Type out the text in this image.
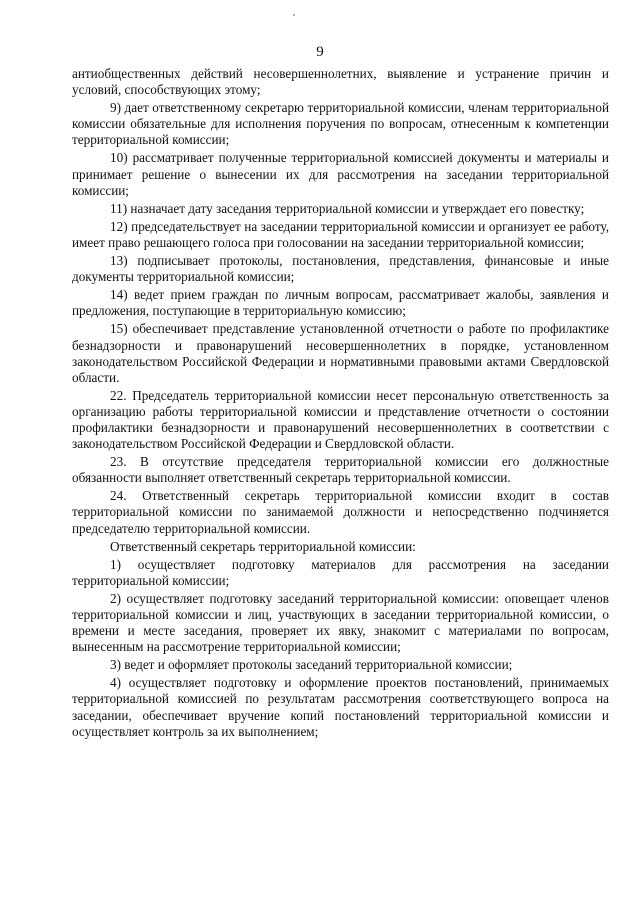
9

антиобщественных действий несовершеннолетних, выявление и устранение причин и условий, способствующих этому;

9) дает ответственному секретарю территориальной комиссии, членам территориальной комиссии обязательные для исполнения поручения по вопросам, отнесенным к компетенции территориальной комиссии;

10) рассматривает полученные территориальной комиссией документы и материалы и принимает решение о вынесении их для рассмотрения на заседании территориальной комиссии;

11) назначает дату заседания территориальной комиссии и утверждает его повестку;

12) председательствует на заседании территориальной комиссии и организует ее работу, имеет право решающего голоса при голосовании на заседании территориальной комиссии;

13) подписывает протоколы, постановления, представления, финансовые и иные документы территориальной комиссии;

14) ведет прием граждан по личным вопросам, рассматривает жалобы, заявления и предложения, поступающие в территориальную комиссию;

15) обеспечивает представление установленной отчетности о работе по профилактике безнадзорности и правонарушений несовершеннолетних в порядке, установленном законодательством Российской Федерации и нормативными правовыми актами Свердловской области.

22. Председатель территориальной комиссии несет персональную ответственность за организацию работы территориальной комиссии и представление отчетности о состоянии профилактики безнадзорности и правонарушений несовершеннолетних в соответствии с законодательством Российской Федерации и Свердловской области.

23. В отсутствие председателя территориальной комиссии его должностные обязанности выполняет ответственный секретарь территориальной комиссии.

24. Ответственный секретарь территориальной комиссии входит в состав территориальной комиссии по занимаемой должности и непосредственно подчиняется председателю территориальной комиссии.

Ответственный секретарь территориальной комиссии:

1) осуществляет подготовку материалов для рассмотрения на заседании территориальной комиссии;

2) осуществляет подготовку заседаний территориальной комиссии: оповещает членов территориальной комиссии и лиц, участвующих в заседании территориальной комиссии, о времени и месте заседания, проверяет их явку, знакомит с материалами по вопросам, вынесенным на рассмотрение территориальной комиссии;

3) ведет и оформляет протоколы заседаний территориальной комиссии;

4) осуществляет подготовку и оформление проектов постановлений, принимаемых территориальной комиссией по результатам рассмотрения соответствующего вопроса на заседании, обеспечивает вручение копий постановлений территориальной комиссии и осуществляет контроль за их выполнением;
